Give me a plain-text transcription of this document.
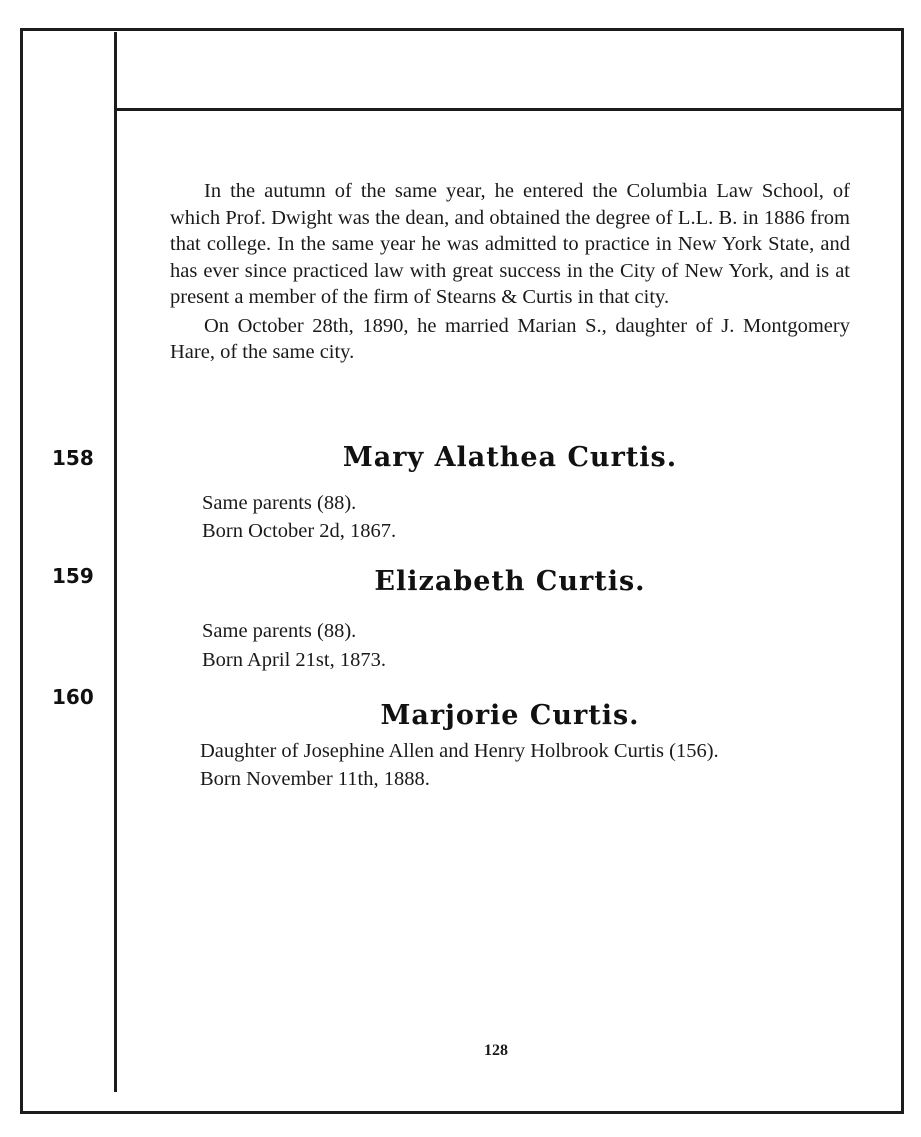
In the autumn of the same year, he entered the Columbia Law School, of which Prof. Dwight was the dean, and obtained the degree of L.L. B. in 1886 from that college. In the same year he was admitted to practice in New York State, and has ever since practiced law with great success in the City of New York, and is at present a member of the firm of Stearns & Curtis in that city.

On October 28th, 1890, he married Marian S., daughter of J. Montgomery Hare, of the same city.

158	Mary Alathea Curtis.

Same parents (88).

Born October 2d, 1867.

159	Elizabeth Curtis.

Same parents (88).

Born April 21st, 1873.

160
Marjorie Curtis.

Daughter of Josephine Allen and Henry Holbrook Curtis (156).

Born November 11th, 1888.

128
